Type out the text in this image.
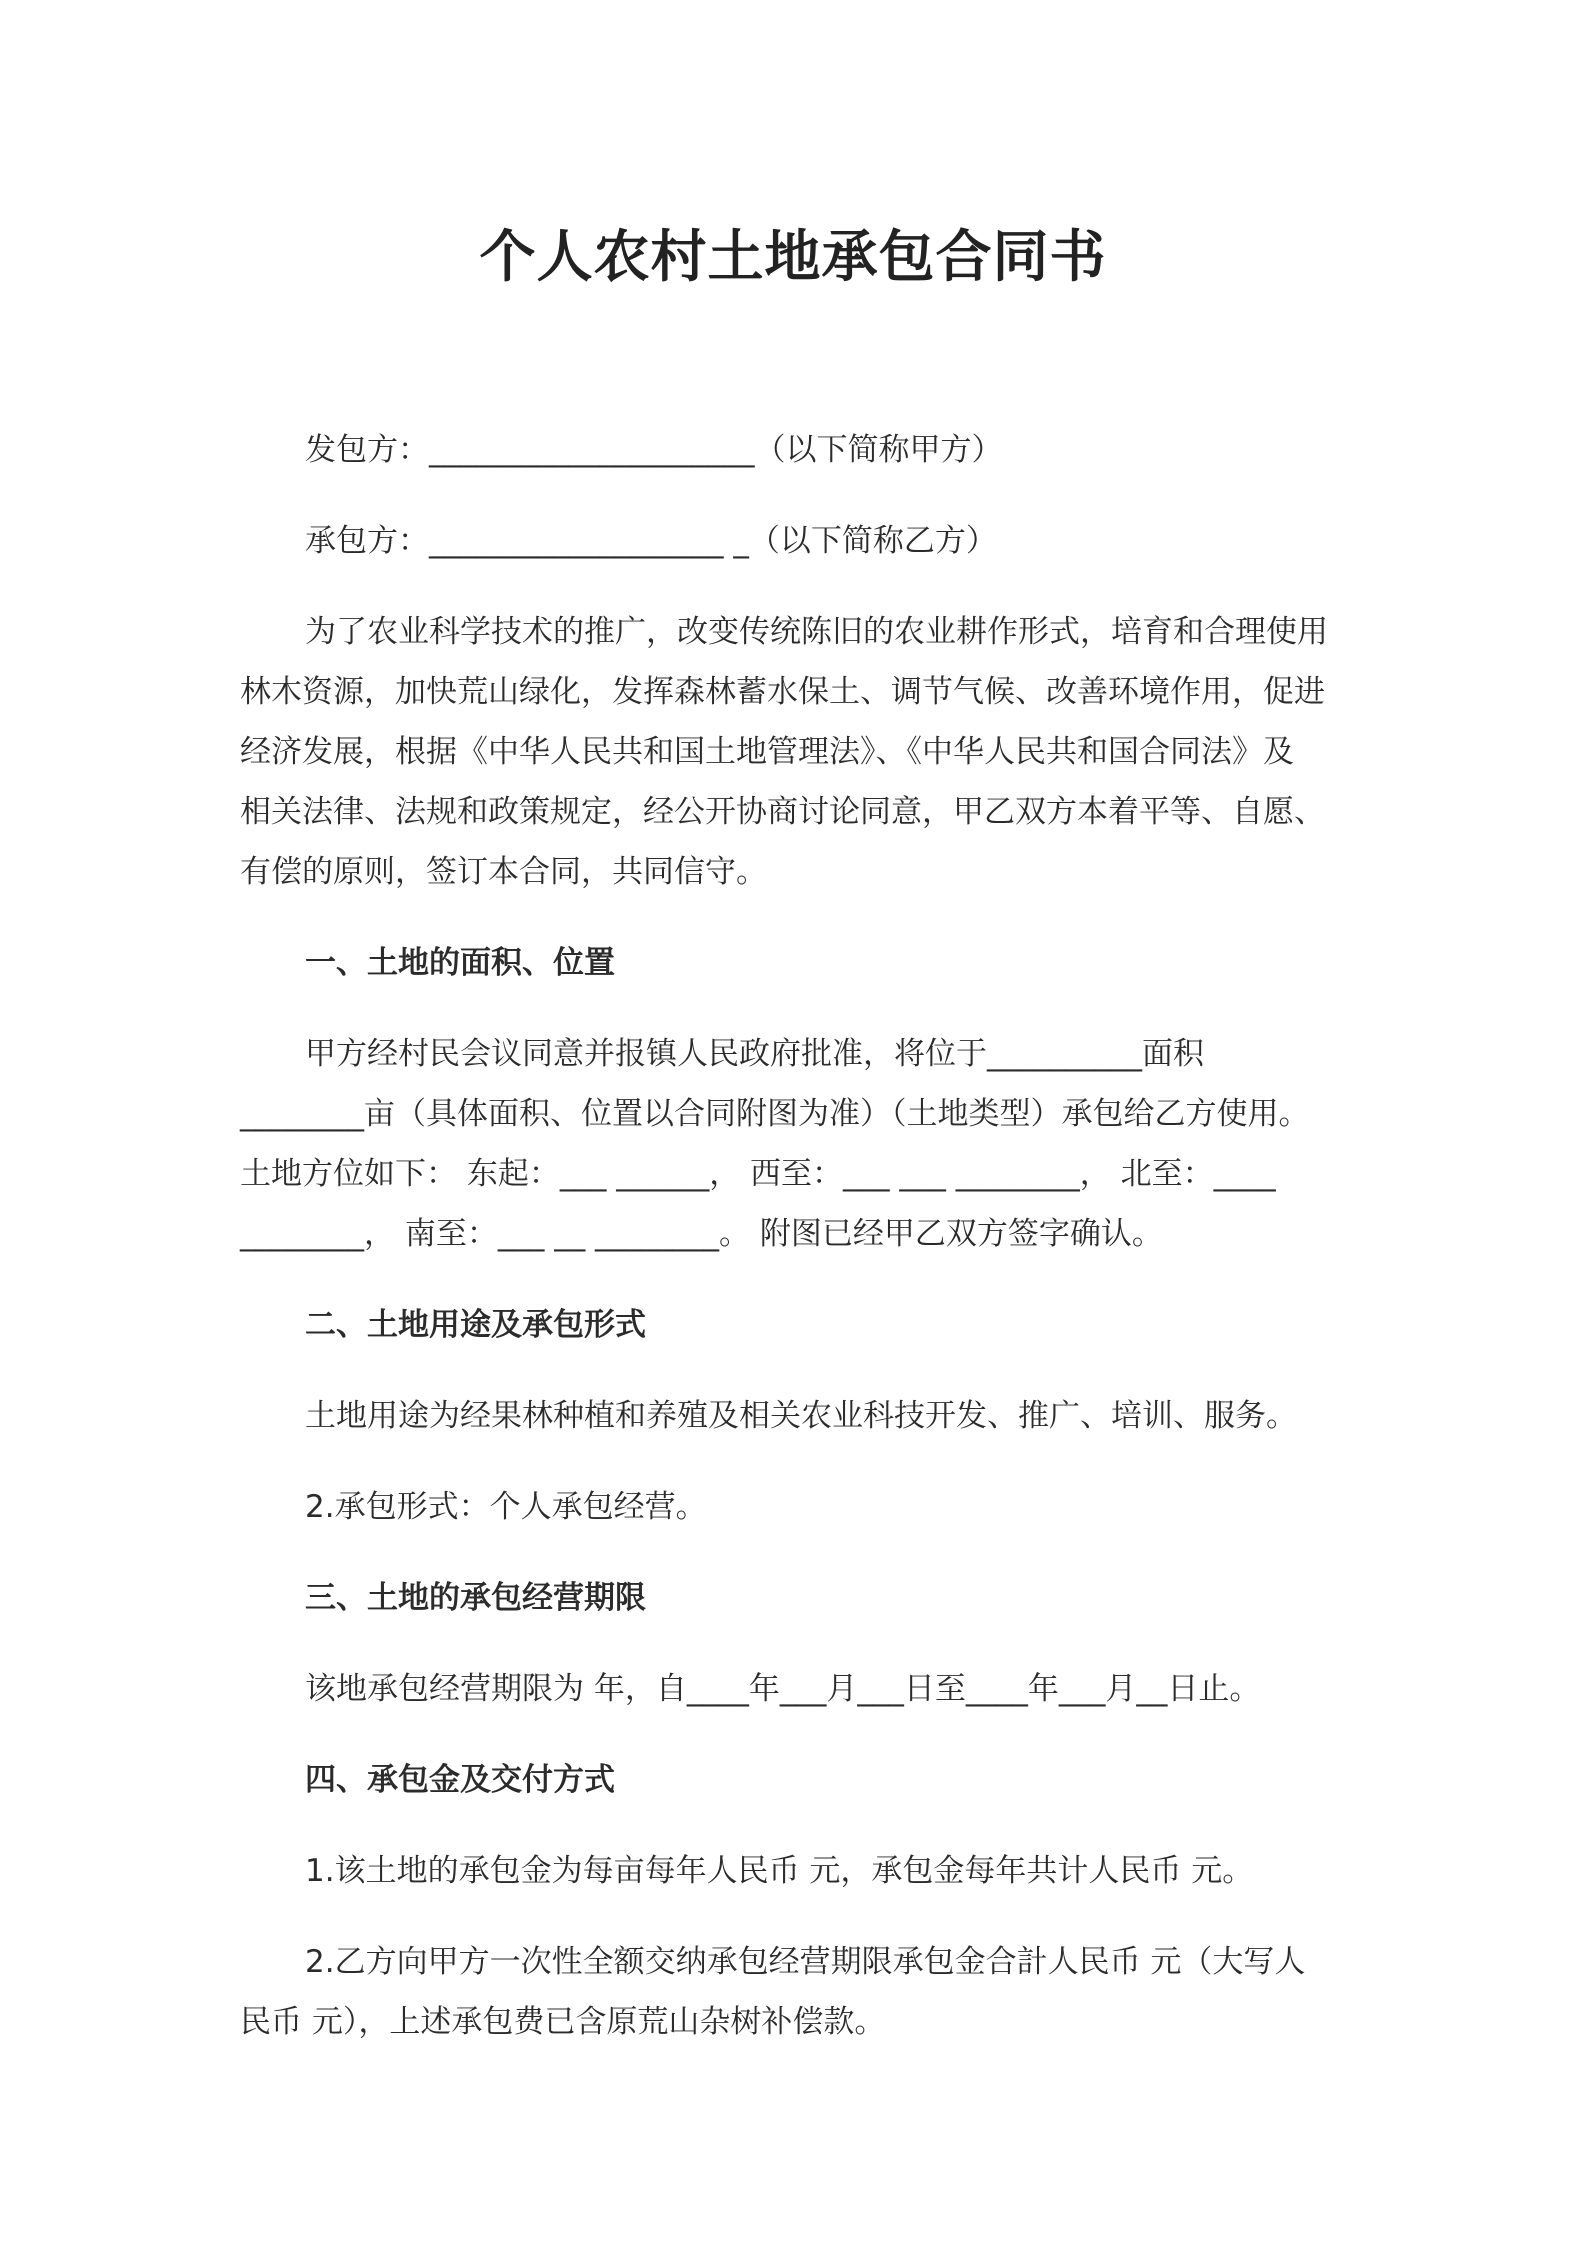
个人农村土地承包合同书
发包方：_____________________（以下简称甲方）
承包方：___________________ _（以下简称乙方）
为了农业科学技术的推广，改变传统陈旧的农业耕作形式，培育和合理使用
林木资源，加快荒山绿化，发挥森林蓄水保土、调节气候、改善环境作用，促进
经济发展，根据《中华人民共和国土地管理法》、《中华人民共和国合同法》及
相关法律、法规和政策规定，经公开协商讨论同意，甲乙双方本着平等、自愿、
有偿的原则，签订本合同，共同信守。
一、土地的面积、位置
甲方经村民会议同意并报镇人民政府批准，将位于__________面积
________亩（具体面积、位置以合同附图为准）（土地类型）承包给乙方使用。
土地方位如下： 东起：___ ______， 西至：___ ___ ________， 北至：____
________， 南至：___ __ ________。 附图已经甲乙双方签字确认。
二、土地用途及承包形式
土地用途为经果林种植和养殖及相关农业科技开发、推广、培训、服务。
2.承包形式：个人承包经营。
三、土地的承包经营期限
该地承包经营期限为 年，自____年___月___日至____年___月__日止。
四、承包金及交付方式
1.该土地的承包金为每亩每年人民币 元，承包金每年共计人民币 元。
2.乙方向甲方一次性全额交纳承包经营期限承包金合計人民币 元（大写人
民币 元），上述承包费已含原荒山杂树补偿款。
